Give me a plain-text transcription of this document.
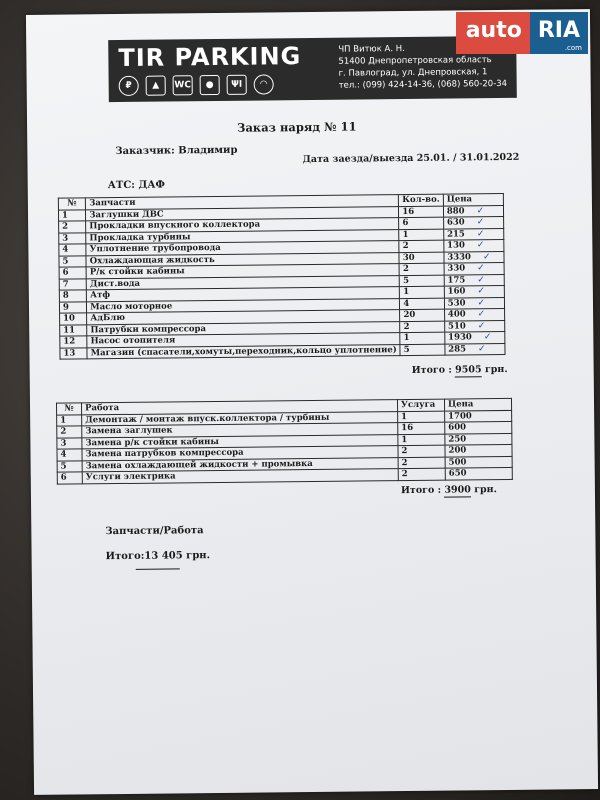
TIR PARKING
₽	▲	WC	●	ΨΙ	◠
ЧП Витюк А. Н.
51400 Днепропетровская область
г. Павлоград, ул. Днепровская, 1
тел.: (099) 424-14-36, (068) 560-20-34
Заказ наряд № 11
Заказчик: Владимир
Дата заезда/выезда 25.01. / 31.01.2022
АТС: ДАФ
№	Запчасти	Кол-во.	Цена
1	Заглушки ДВС	16	880 ✓
2	Прокладки впускного коллектора	6	630 ✓
3	Прокладка турбины	1	215 ✓
4	Уплотнение трубопровода	2	130 ✓
5	Охлаждающая жидкость	30	3330 ✓
6	Р/к стойки кабины	2	330 ✓
7	Дист.вода	5	175 ✓
8	Атф	1	160 ✓
9	Масло моторное	4	530 ✓
10	АдБлю	20	400 ✓
11	Патрубки компрессора	2	510 ✓
12	Насос отопителя	1	1930 ✓
13	Магазин (спасатели,хомуты,переходник,кольцо уплотнение)	5	285 ✓
Итого : 9505 грн.
№	Работа	Услуга	Цена
1	Демонтаж / монтаж впуск.коллектора / турбины	1	1700
2	Замена заглушек	16	600
3	Замена р/к стойки кабины	1	250
4	Замена патрубков компрессора	2	200
5	Замена охлаждающей жидкости + промывка	2	500
6	Услуги электрика	2	650
Итого : 3900 грн.
Запчасти/Работа
Итого:13 405 грн.
auto RIA
.com
